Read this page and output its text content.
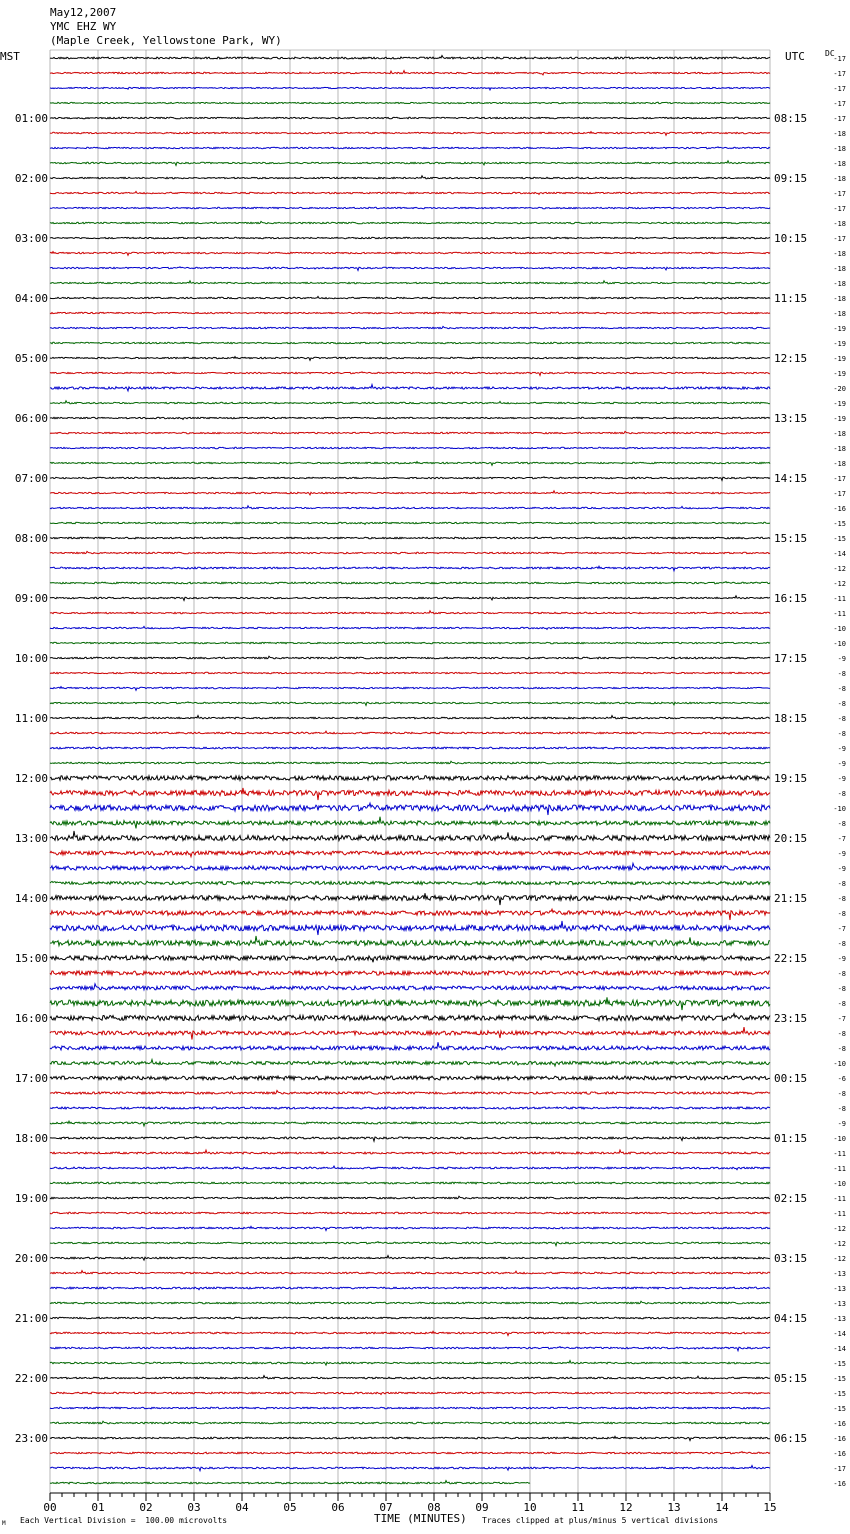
May12,2007
YMC EHZ WY
(Maple Creek, Yellowstone Park, WY)
MST	UTC	DC
-17
-17
-17
-17
-17
-18
-18
-18
-18
-17
-17
-18
-17
-18
-18
-18
-18
-18
-19
-19
-19
-19
-20
-19
-19
-18
-18
-18
-17
-17
-16
-15
-15
-14
-12
-12
-11
-11
-10
-10
-9
-8
-8
-8
-8
-8
-9
-9
-9
-8
-10
-8
-7
-9
-9
-8
-8
-8
-7
-8
-9
-8
-8
-8
-7
-8
-8
-10
-6
-8
-8
-9
-10
-11
-11
-10
-11
-11
-12
-12
-12
-13
-13
-13
-13
-14
-14
-15
-15
-15
-15
-16
-16
-16
-17
-16
01:00
02:00
03:00
04:00
05:00
06:00
07:00
08:00
09:00
10:00
11:00
12:00
13:00
14:00
15:00
16:00
17:00
18:00
19:00
20:00
21:00
22:00
23:00
08:15
09:15
10:15
11:15
12:15
13:15
14:15
15:15
16:15
17:15
18:15
19:15
20:15
21:15
22:15
23:15
00:15
01:15
02:15
03:15
04:15
05:15
06:15
00	01	02	03	04	05	06	07	08	09	10	11	12	13	14	15
Each Vertical Division =  100.00 microvolts	TIME (MINUTES) Traces clipped at plus/minus 5 vertical divisions
M
